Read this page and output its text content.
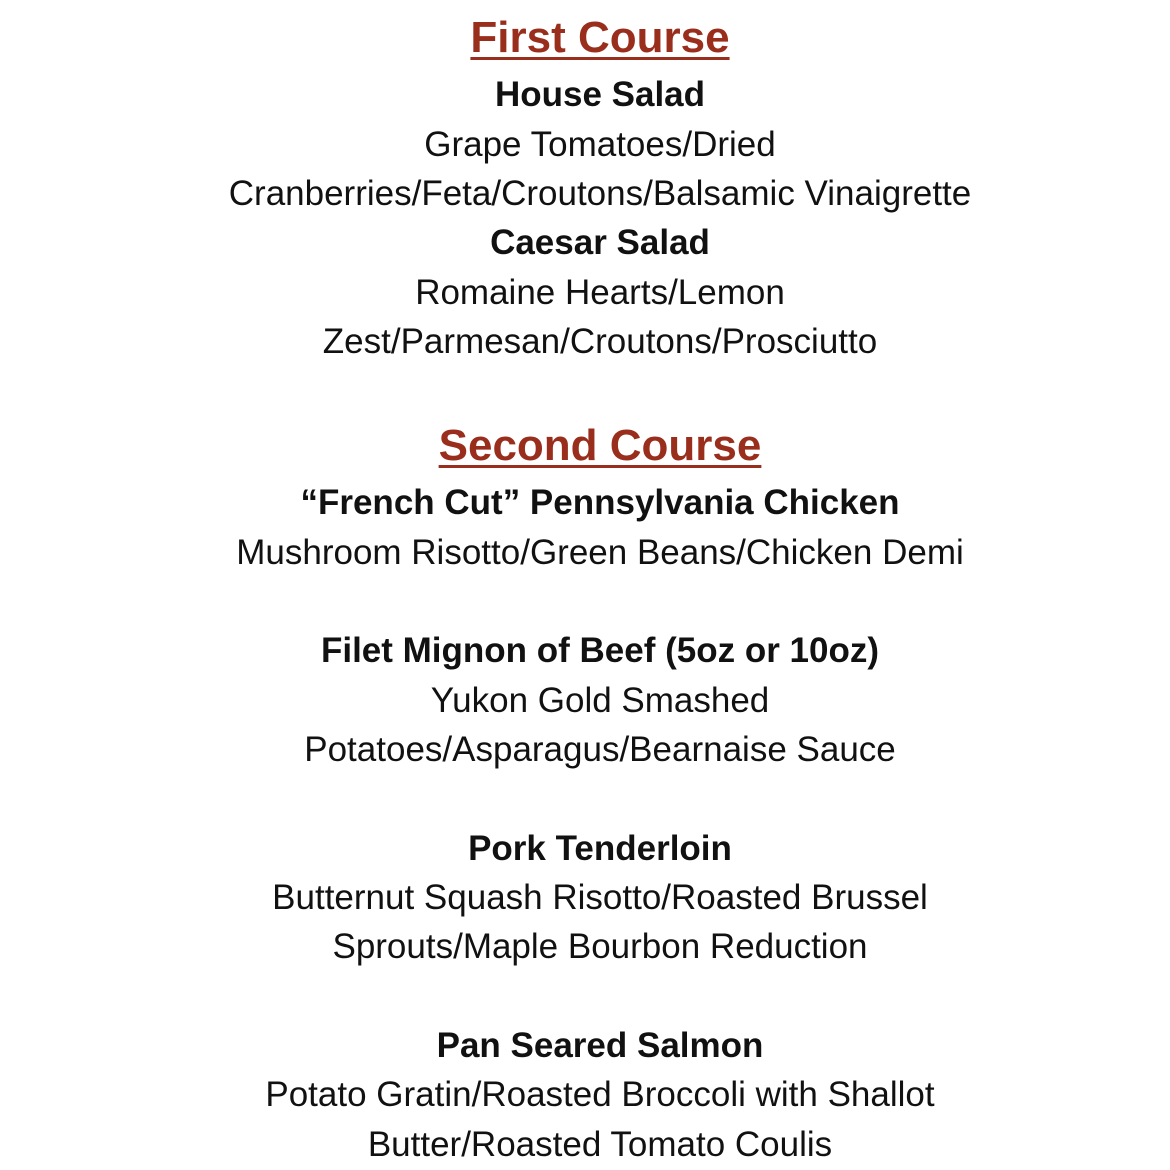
First Course
House Salad
Grape Tomatoes/Dried
Cranberries/Feta/Croutons/Balsamic Vinaigrette
Caesar Salad
Romaine Hearts/Lemon
Zest/Parmesan/Croutons/Prosciutto
Second Course
“French Cut” Pennsylvania Chicken
Mushroom Risotto/Green Beans/Chicken Demi
Filet Mignon of Beef (5oz or 10oz)
Yukon Gold Smashed
Potatoes/Asparagus/Bearnaise Sauce
Pork Tenderloin
Butternut Squash Risotto/Roasted Brussel
Sprouts/Maple Bourbon Reduction
Pan Seared Salmon
Potato Gratin/Roasted Broccoli with Shallot
Butter/Roasted Tomato Coulis
